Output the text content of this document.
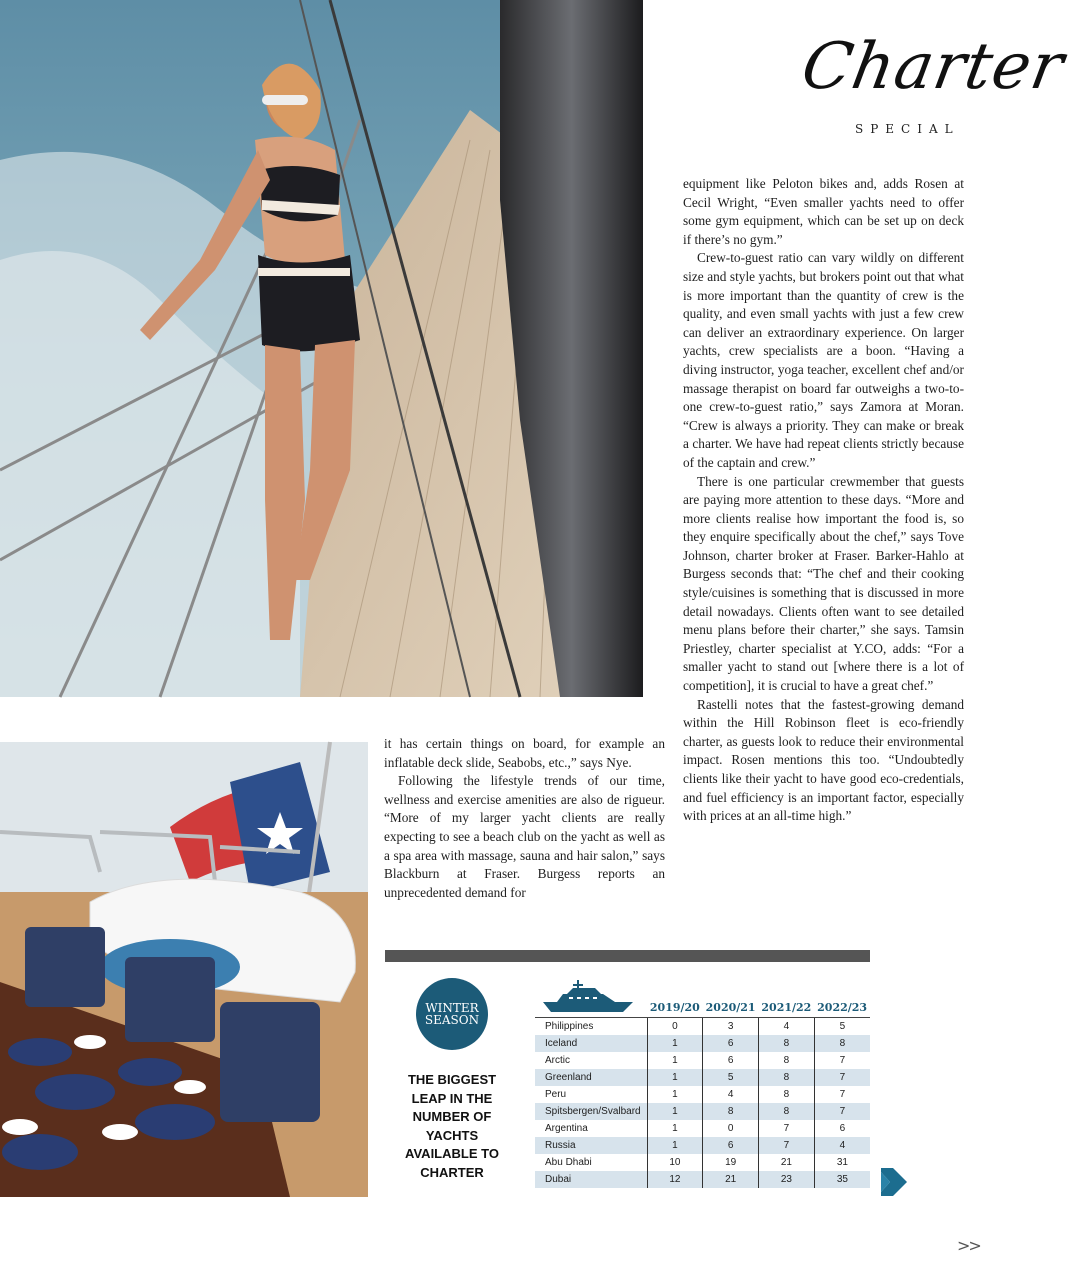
Charter
SPECIAL

equipment like Peloton bikes and, adds Rosen at Cecil Wright, “Even smaller yachts need to offer some gym equipment, which can be set up on deck if there’s no gym.”

Crew-to-guest ratio can vary wildly on different size and style yachts, but brokers point out that what is more important than the quantity of crew is the quality, and even small yachts with just a few crew can deliver an extraordinary experience. On larger yachts, crew specialists are a boon. “Having a diving instructor, yoga teacher, excellent chef and/or massage therapist on board far outweighs a two-to-one crew-to-guest ratio,” says Zamora at Moran. “Crew is always a priority. They can make or break a charter. We have had repeat clients strictly because of the captain and crew.”

There is one particular crewmember that guests are paying more attention to these days. “More and more clients realise how important the food is, so they enquire specifically about the chef,” says Tove Johnson, charter broker at Fraser. Barker-Hahlo at Burgess seconds that: “The chef and their cooking style/cuisines is something that is discussed in more detail nowadays. Clients often want to see detailed menu plans before their charter,” she says. Tamsin Priestley, charter specialist at Y.CO, adds: “For a smaller yacht to stand out [where there is a lot of competition], it is crucial to have a great chef.”

Rastelli notes that the fastest-growing demand within the Hill Robinson fleet is eco-friendly charter, as guests look to reduce their environmental impact. Rosen mentions this too. “Undoubtedly clients like their yacht to have good eco-credentials, and fuel efficiency is an important factor, especially with prices at an all-time high.”

it has certain things on board, for example an inflatable deck slide, Seabobs, etc.,” says Nye.

Following the lifestyle trends of our time, wellness and exercise amenities are also de rigueur. “More of my larger yacht clients are really expecting to see a beach club on the yacht as well as a spa area with massage, sauna and hair salon,” says Blackburn at Fraser. Burgess reports an unprecedented demand for

WINTER
SEASON
THE BIGGEST LEAP IN THE NUMBER OF YACHTS AVAILABLE TO CHARTER
	2019/20	2020/21	2021/22	2022/23
Philippines	0	3	4	5
Iceland	1	6	8	8
Arctic	1	6	8	7
Greenland	1	5	8	7
Peru	1	4	8	7
Spitsbergen/Svalbard	1	8	8	7
Argentina	1	0	7	6
Russia	1	6	7	4
Abu Dhabi	10	19	21	31
Dubai	12	21	23	35
>>
